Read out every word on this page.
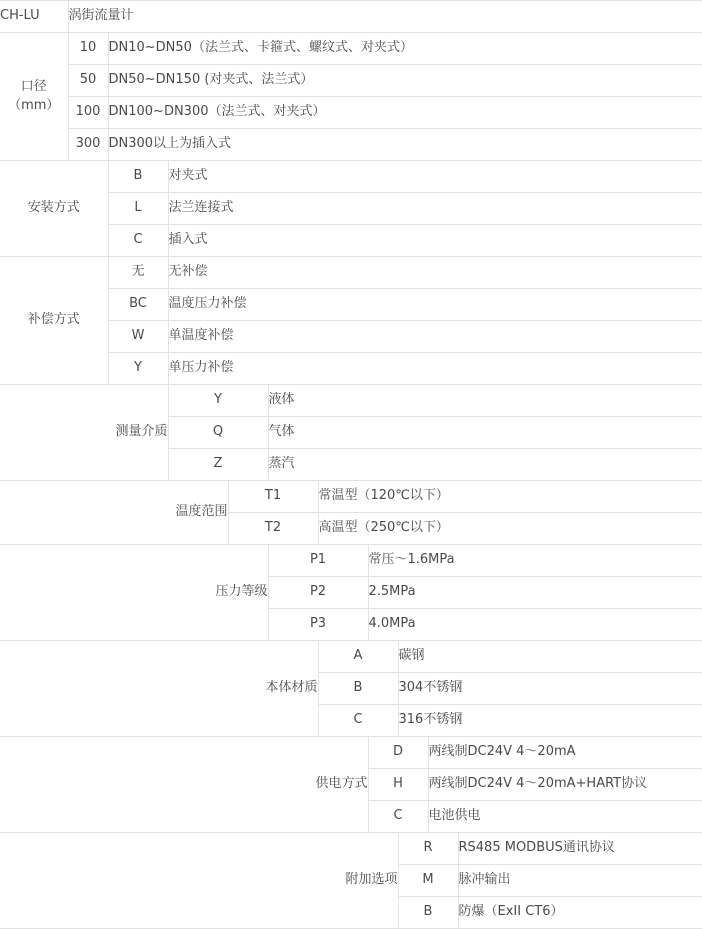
CH-LU	涡街流量计									

口径
（mm）	10	DN10~DN50（法兰式、卡箍式、螺纹式、对夹式）								
	50	DN50~DN150 (对夹式、法兰式）								
	100	DN100~DN300（法兰式、对夹式）								
	300	DN300以上为插入式								
安装方式		B	对夹式							
		L	法兰连接式							
		C	插入式							
补偿方式		无	无补偿							
		BC	温度压力补偿							
		W	单温度补偿							
		Y	单压力补偿							
测量介质			Y		液体					
			Q		气体					
			Z		蒸汽					
温度范围				T1		常温型（120℃以下）				
				T2		高温型（250℃以下）				
压力等级					P1		常压～1.6MPa			
					P2		2.5MPa			
					P3		4.0MPa			
本体材质						A		碳钢		
						B		304不锈钢		
						C		316不锈钢		
供电方式							D		两线制DC24V 4～20mA	
							H		两线制DC24V 4～20mA+HART协议	
							C		电池供电	
附加选项								R		RS485 MODBUS通讯协议
								M		脉冲输出
								B		防爆（ExII CT6）
